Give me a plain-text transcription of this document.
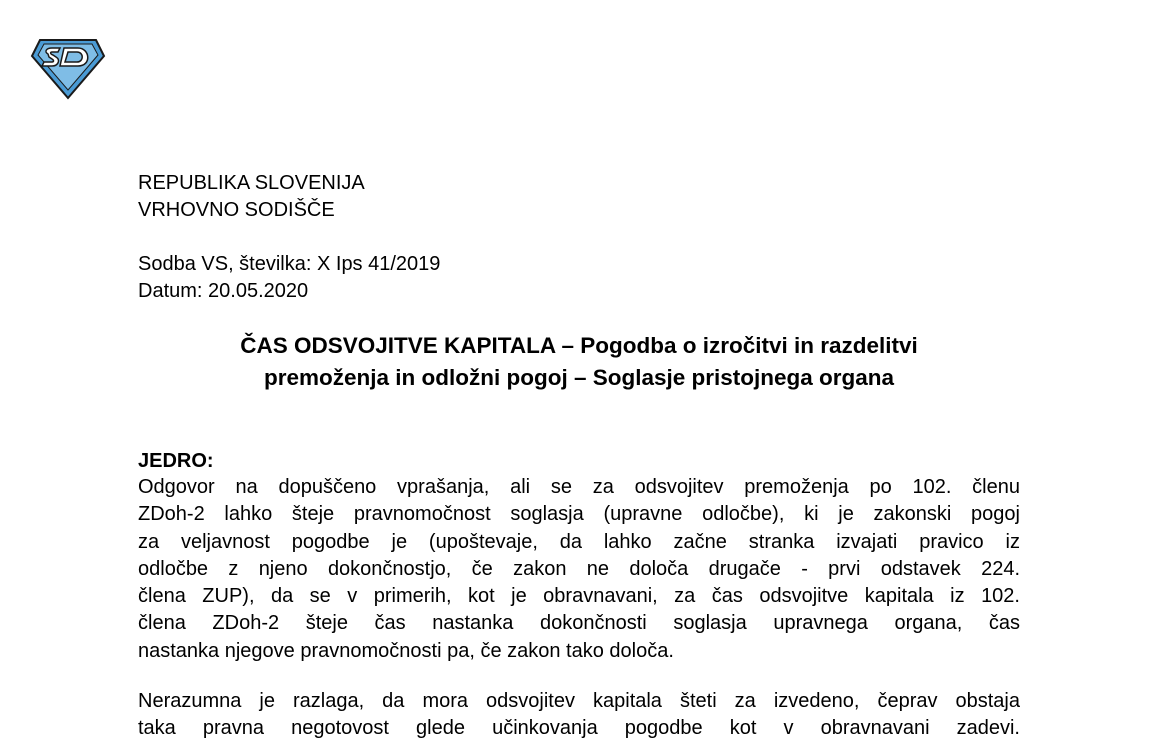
REPUBLIKA SLOVENIJA
VRHOVNO SODIŠČE
Sodba VS, številka: X Ips 41/2019
Datum: 20.05.2020
ČAS ODSVOJITVE KAPITALA – Pogodba o izročitvi in razdelitvi
premoženja in odložni pogoj – Soglasje pristojnega organa
JEDRO:
Odgovor na dopuščeno vprašanja, ali se za odsvojitev premoženja po 102. členu
ZDoh-2 lahko šteje pravnomočnost soglasja (upravne odločbe), ki je zakonski pogoj
za veljavnost pogodbe je (upoštevaje, da lahko začne stranka izvajati pravico iz
odločbe z njeno dokončnostjo, če zakon ne določa drugače - prvi odstavek 224.
člena ZUP), da se v primerih, kot je obravnavani, za čas odsvojitve kapitala iz 102.
člena ZDoh-2 šteje čas nastanka dokončnosti soglasja upravnega organa, čas
nastanka njegove pravnomočnosti pa, če zakon tako določa.
Nerazumna je razlaga, da mora odsvojitev kapitala šteti za izvedeno, čeprav obstaja
taka pravna negotovost glede učinkovanja pogodbe kot v obravnavani zadevi.
